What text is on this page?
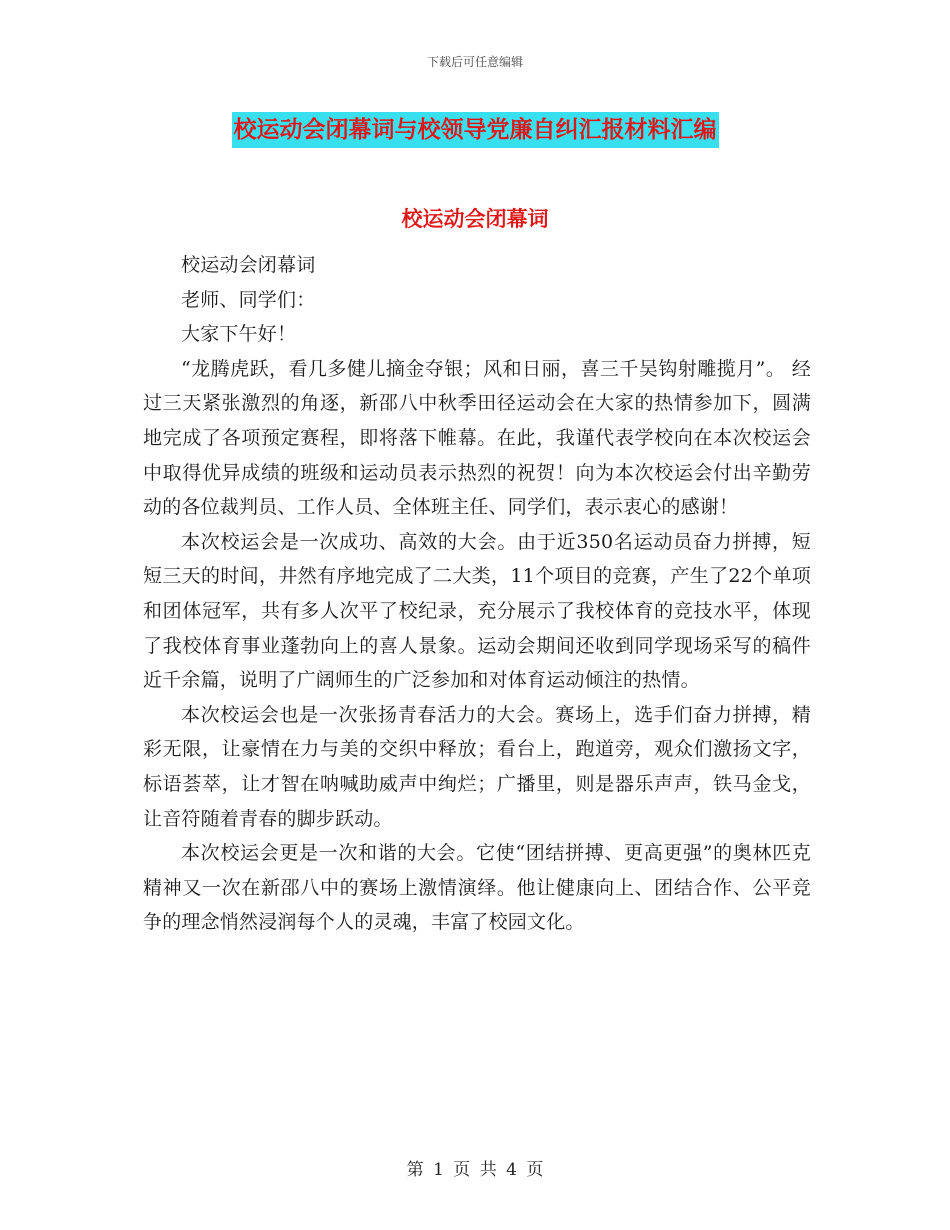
下载后可任意编辑
校运动会闭幕词与校领导党廉自纠汇报材料汇编
校运动会闭幕词

校运动会闭幕词

老师、同学们：

大家下午好！

“龙腾虎跃，看几多健儿摘金夺银；风和日丽，喜三千吴钩射雕揽月”。 经过三天紧张激烈的角逐，新邵八中秋季田径运动会在大家的热情参加下，圆满地完成了各项预定赛程，即将落下帷幕。在此，我谨代表学校向在本次校运会中取得优异成绩的班级和运动员表示热烈的祝贺！向为本次校运会付出辛勤劳动的各位裁判员、工作人员、全体班主任、同学们，表示衷心的感谢！

本次校运会是一次成功、高效的大会。由于近350名运动员奋力拼搏，短短三天的时间，井然有序地完成了二大类，11个项目的竞赛，产生了22个单项和团体冠军，共有多人次平了校纪录，充分展示了我校体育的竞技水平，体现了我校体育事业蓬勃向上的喜人景象。运动会期间还收到同学现场采写的稿件近千余篇，说明了广阔师生的广泛参加和对体育运动倾注的热情。

本次校运会也是一次张扬青春活力的大会。赛场上，选手们奋力拼搏，精彩无限，让豪情在力与美的交织中释放；看台上，跑道旁，观众们激扬文字，标语荟萃，让才智在呐喊助威声中绚烂；广播里，则是器乐声声，铁马金戈，让音符随着青春的脚步跃动。

本次校运会更是一次和谐的大会。它使“团结拼搏、更高更强”的奥林匹克精神又一次在新邵八中的赛场上激情演绎。他让健康向上、团结合作、公平竞争的理念悄然浸润每个人的灵魂，丰富了校园文化。

第 1 页 共 4 页
